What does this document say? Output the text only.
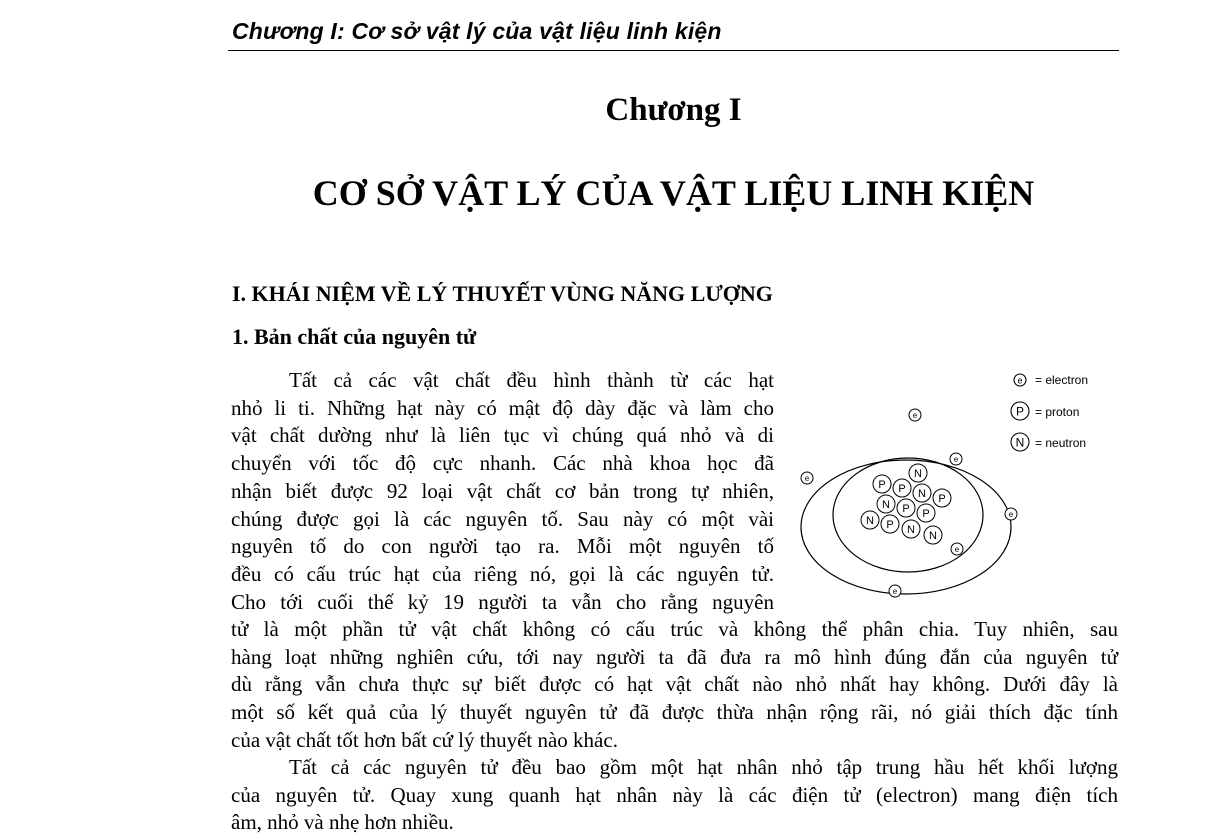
Chương I: Cơ sở vật lý của vật liệu linh kiện
Chương I
CƠ SỞ VẬT LÝ CỦA VẬT LIỆU LINH KIỆN
I. KHÁI NIỆM VỀ LÝ THUYẾT VÙNG NĂNG LƯỢNG
1. Bản chất của nguyên tử
Tất cả các vật chất đều hình thành từ các hạt
nhỏ li ti. Những hạt này có mật độ dày đặc và làm cho
vật chất dường như là liên tục vì chúng quá nhỏ và di
chuyển với tốc độ cực nhanh. Các nhà khoa học đã
nhận biết được 92 loại vật chất cơ bản trong tự nhiên,
chúng được gọi là các nguyên tố. Sau này có một vài
nguyên tố do con người tạo ra. Mỗi một nguyên tố
đều có cấu trúc hạt của riêng nó, gọi là các nguyên tử.
Cho tới cuối thế kỷ 19 người ta vẫn cho rằng nguyên
tử là một phần tử vật chất không có cấu trúc và không thể phân chia. Tuy nhiên, sau
hàng loạt những nghiên cứu, tới nay người ta đã đưa ra mô hình đúng đắn của nguyên tử
dù rằng vẫn chưa thực sự biết được có hạt vật chất nào nhỏ nhất hay không. Dưới đây là
một số kết quả của lý thuyết nguyên tử đã được thừa nhận rộng rãi, nó giải thích đặc tính
của vật chất tốt hơn bất cứ lý thuyết nào khác.
Tất cả các nguyên tử đều bao gồm một hạt nhân nhỏ tập trung hầu hết khối lượng
của nguyên tử. Quay xung quanh hạt nhân này là các điện tử (electron) mang điện tích
âm, nhỏ và nhẹ hơn nhiều.
N
P P N P
N P P
N P N N
e
e
e
e
e
e
e = electron
P = proton
N = neutron
